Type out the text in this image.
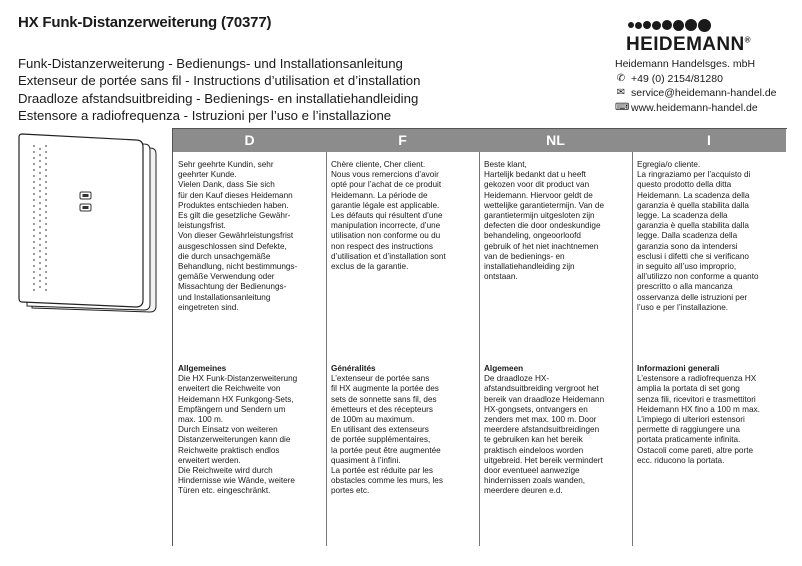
HX Funk-Distanzerweiterung (70377)
Funk-Distanzerweiterung - Bedienungs- und Installationsanleitung
Extenseur de portée sans fil - Instructions d’utilisation et d’installation
Draadloze afstandsuitbreiding - Bedienings- en installatiehandleiding
Estensore a radiofrequenza - Istruzioni per l’uso e l’installazione
HEIDEMANN®
Heidemann Handelsges. mbH
✆ +49 (0) 2154/81280
✉ service@heidemann-handel.de
⌨ www.heidemann-handel.de
D
Sehr geehrte Kundin, sehr
geehrter Kunde.
Vielen Dank, dass Sie sich
für den Kauf dieses Heidemann
Produktes entschieden haben.
Es gilt die gesetzliche Gewähr-
leistungsfrist.
Von dieser Gewährleistungsfrist
ausgeschlossen sind Defekte,
die durch unsachgemäße
Behandlung, nicht bestimmungs-
gemäße Verwendung oder
Missachtung der Bedienungs-
und Installationsanleitung
eingetreten sind.
Allgemeines
Die HX Funk-Distanzerweiterung
erweitert die Reichweite von
Heidemann HX Funkgong-Sets,
Empfängern und Sendern um
max. 100 m.
Durch Einsatz von weiteren
Distanzerweiterungen kann die
Reichweite praktisch endlos
erweitert werden.
Die Reichweite wird durch
Hindernisse wie Wände, weitere
Türen etc. eingeschränkt.
F
Chère cliente, Cher client.
Nous vous remercions d’avoir
opté pour l’achat de ce produit
Heidemann. La période de
garantie légale est applicable.
Les défauts qui résultent d’une
manipulation incorrecte, d’une
utilisation non conforme ou du
non respect des instructions
d’utilisation et d’installation sont
exclus de la garantie.
Généralités
L’extenseur de portée sans
fil HX augmente la portée des
sets de sonnette sans fil, des
émetteurs et des récepteurs
de 100m au maximum.
En utilisant des extenseurs
de portée supplémentaires,
la portée peut être augmentée
quasiment à l’infini.
La portée est réduite par les
obstacles comme les murs, les
portes etc.
NL
Beste klant,
Hartelijk bedankt dat u heeft
gekozen voor dit product van
Heidemann. Hiervoor geldt de
wettelijke garantietermijn. Van de
garantietermijn uitgesloten zijn
defecten die door ondeskundige
behandeling, ongeoorloofd
gebruik of het niet inachtnemen
van de bedienings- en
installatiehandleiding zijn
ontstaan.
Algemeen
De draadloze HX-
afstandsuitbreiding vergroot het
bereik van draadloze Heidemann
HX-gongsets, ontvangers en
zenders met max. 100 m. Door
meerdere afstandsuitbreidingen
te gebruiken kan het bereik
praktisch eindeloos worden
uitgebreid. Het bereik vermindert
door eventueel aanwezige
hindernissen zoals wanden,
meerdere deuren e.d.
I
Egregia/o cliente.
La ringraziamo per l’acquisto di
questo prodotto della ditta
Heidemann. La scadenza della
garanzia è quella stabilita dalla
legge. La scadenza della
garanzia è quella stabilita dalla
legge. Dalla scadenza della
garanzia sono da intendersi
esclusi i difetti che si verificano
in seguito all’uso improprio,
all’utilizzo non conforme a quanto
prescritto o alla mancanza
osservanza delle istruzioni per
l’uso e per l’installazione.
Informazioni generali
L’estensore a radiofrequenza HX
amplia la portata di set gong
senza fili, ricevitori e trasmettitori
Heidemann HX fino a 100 m max.
L’impiego di ulteriori estensori
permette di raggiungere una
portata praticamente infinita.
Ostacoli come pareti, altre porte
ecc. riducono la portata.
